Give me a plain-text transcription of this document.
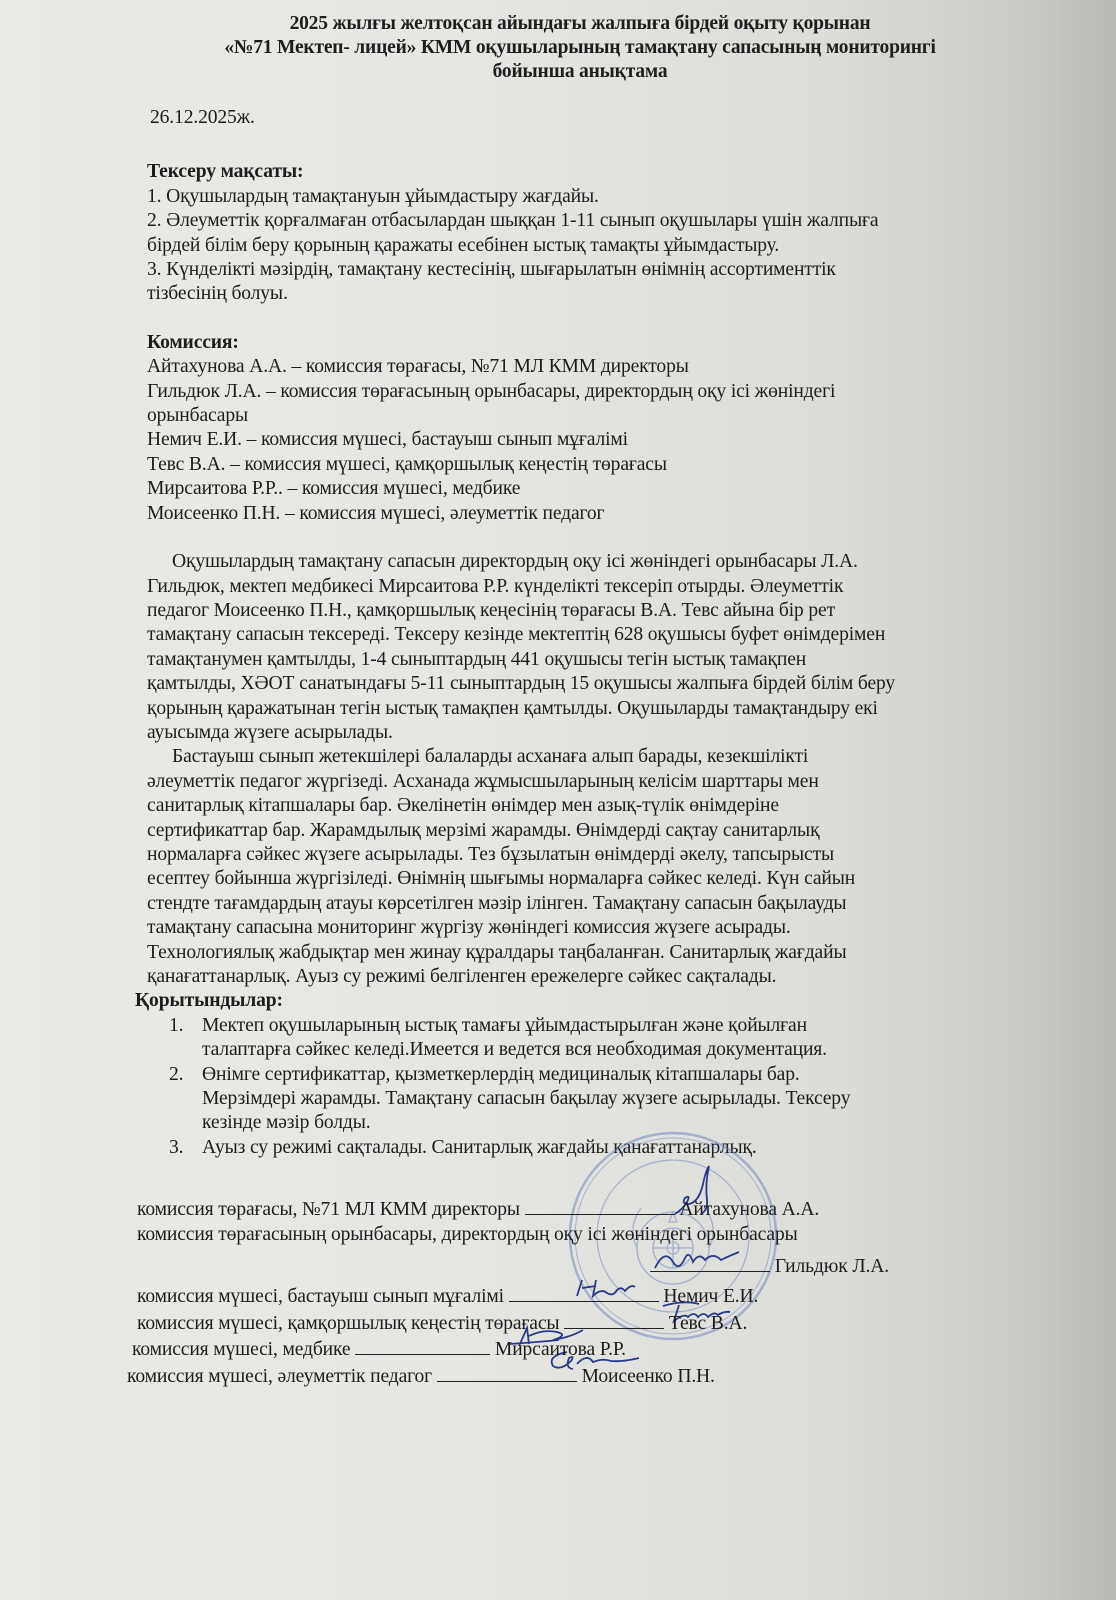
2025 жылғы желтоқсан айындағы жалпыға бірдей оқыту қорынан
«№71 Мектеп- лицей» КММ оқушыларының тамақтану сапасының мониторингі
бойынша анықтама
26.12.2025ж.
Тексеру мақсаты:
1. Оқушылардың тамақтануын ұйымдастыру жағдайы.
2. Әлеуметтік қорғалмаған отбасылардан шыққан 1-11 сынып оқушылары үшін жалпыға
бірдей білім беру қорының қаражаты есебінен ыстық тамақты ұйымдастыру.
3. Күнделікті мәзірдің, тамақтану кестесінің, шығарылатын өнімнің ассортименттік
тізбесінің болуы.
Комиссия:
Айтахунова А.А. – комиссия төрағасы, №71 МЛ КММ директоры
Гильдюк Л.А. – комиссия төрағасының орынбасары, директордың оқу ісі жөніндегі
орынбасары
Немич Е.И. – комиссия мүшесі, бастауыш сынып мұғалімі
Тевс В.А. – комиссия мүшесі, қамқоршылық кеңестің төрағасы
Мирсаитова Р.Р.. – комиссия мүшесі, медбике
Моисеенко П.Н. – комиссия мүшесі, әлеуметтік педагог
Оқушылардың тамақтану сапасын директордың оқу ісі жөніндегі орынбасары Л.А.
Гильдюк, мектеп медбикесі Мирсаитова Р.Р. күнделікті тексеріп отырды. Әлеуметтік
педагог Моисеенко П.Н., қамқоршылық кеңесінің төрағасы В.А. Тевс айына бір рет
тамақтану сапасын тексереді. Тексеру кезінде мектептің 628 оқушысы буфет өнімдерімен
тамақтанумен қамтылды, 1-4 сыныптардың 441 оқушысы тегін ыстық тамақпен
қамтылды, ХӘОТ санатындағы 5-11 сыныптардың 15 оқушысы жалпыға бірдей білім беру
қорының қаражатынан тегін ыстық тамақпен қамтылды. Оқушыларды тамақтандыру екі
ауысымда жүзеге асырылады.
Бастауыш сынып жетекшілері балаларды асханаға алып барады, кезекшілікті
әлеуметтік педагог жүргізеді. Асханада жұмысшыларының келісім шарттары мен
санитарлық кітапшалары бар. Әкелінетін өнімдер мен азық-түлік өнімдеріне
сертификаттар бар. Жарамдылық мерзімі жарамды. Өнімдерді сақтау санитарлық
нормаларға сәйкес жүзеге асырылады. Тез бұзылатын өнімдерді әкелу, тапсырысты
есептеу бойынша жүргізіледі. Өнімнің шығымы нормаларға сәйкес келеді. Күн сайын
стендте тағамдардың атауы көрсетілген мәзір ілінген. Тамақтану сапасын бақылауды
тамақтану сапасына мониторинг жүргізу жөніндегі комиссия жүзеге асырады.
Технологиялық жабдықтар мен жинау құралдары таңбаланған. Санитарлық жағдайы
қанағаттанарлық. Ауыз су режимі белгіленген ережелерге сәйкес сақталады.
Қорытындылар:
1. Мектеп оқушыларының ыстық тамағы ұйымдастырылған және қойылған
талаптарға сәйкес келеді.Имеется и ведется вся необходимая документация.
2. Өнімге сертификаттар, қызметкерлердің медициналық кітапшалары бар.
Мерзімдері жарамды. Тамақтану сапасын бақылау жүзеге асырылады. Тексеру
кезінде мәзір болды.
3. Ауыз су режимі сақталады. Санитарлық жағдайы қанағаттанарлық.
комиссия төрағасы, №71 МЛ КММ директоры	Айтахунова А.А.
комиссия төрағасының орынбасары, директордың оқу ісі жөніндегі орынбасары
Гильдюк Л.А.
комиссия мүшесі, бастауыш сынып мұғалімі	Немич Е.И.
комиссия мүшесі, қамқоршылық кеңестің төрағасы	Тевс В.А.
комиссия мүшесі, медбике	Мирсаитова Р.Р.
комиссия мүшесі, әлеуметтік педагог	Моисеенко П.Н.
